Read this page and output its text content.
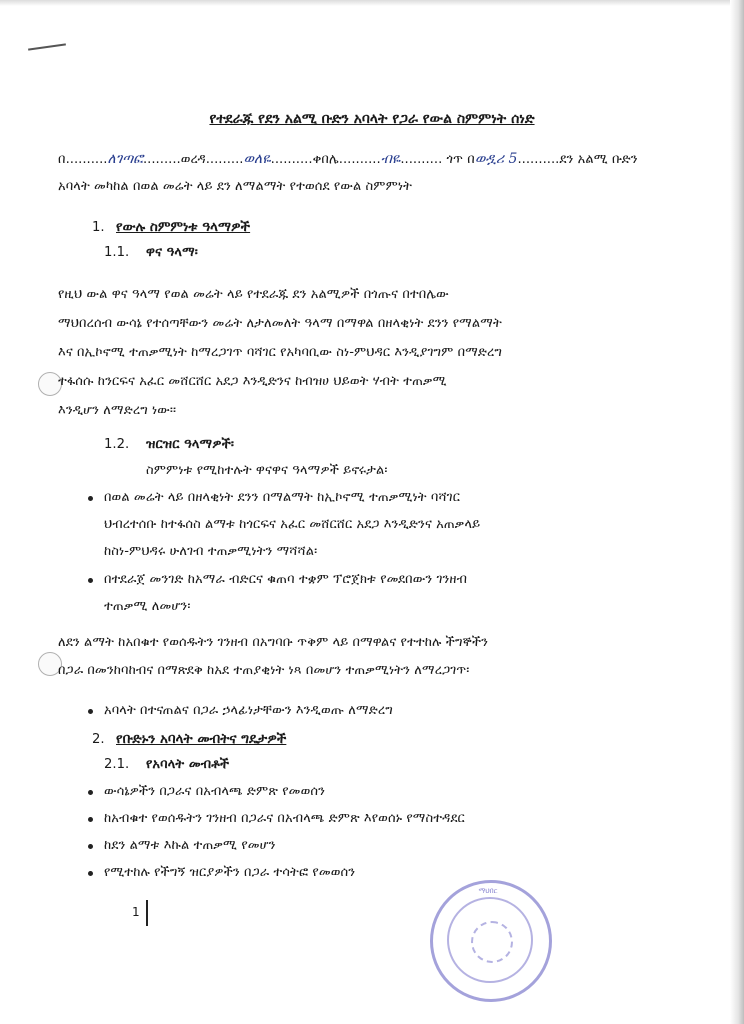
የተደራጁ የደን አልሚ ቡድን አባላት የጋራ የውል ስምምነት ሰነድ
በ..........ለገጣፎ.........ወረዳ.........ወለዬ..........ቀበሌ..........ብዬ.......... ጎጥ በወዷሪ 5..........ደን አልሚ ቡድን
አባላት መካከል በወል መሬት ላይ ደን ለማልማት የተወሰደ የውል ስምምነት
1. የውሉ ስምምነቱ ዓላማዎች
1.1. ዋና ዓላማ፡
የዚህ ውል ዋና ዓላማ የወል መሬት ላይ የተደራጁ ደን አልሚዎች በጎጡና በተበሌው
ማህበረሰብ ውሳኔ የተሰጣቸውን መሬት ለታለመለት ዓላማ በማዋል በዘላቂነት ደንን የማልማት
እና በኢኮኖሚ ተጠቃሚነት ከማረጋገጥ ባሻገር የአካባቢው ስነ-ምህዳር እንዲያገግም በማድረግ
ተፋሰሱ ከንርፍና አፈር መሸርሸር አደጋ እንዲድንና ከብዝሀ ህይወት ሃብት ተጠቃሚ
እንዲሆን ለማድረግ ነው፡፡
1.2. ዝርዝር ዓላማዎች፡
ስምምነቱ የሚከተሉት ዋናዋና ዓላማዎች ይኖሩታል፡
በወል መሬት ላይ በዘላቂነት ደንን በማልማት ከኢኮኖሚ ተጠቃሚነት ባሻገር
ህብረተሰቡ ከተፋሰስ ልማቱ ከጎርፍና አፈር መሸርሸር አደጋ እንዲድንና አጠቃላይ
ከስነ-ምህዳሩ ሁለገብ ተጠቃሚነትን ማሻሻል፡
በተደራጀ መንገድ ከአማራ ብድርና ቁጠባ ተቋም ፕሮጀክቱ የመደበውን ገንዘብ
ተጠቃሚ ለመሆን፡
ለደን ልማት ከአበቁተ የወሰዱትን ገንዘብ በአግባቡ ጥቅም ላይ በማዋልና የተተከሉ ችግኞችን
በጋራ በመንከባከብና በማጽደቅ ከአደ ተጠያቂነት ነጻ በመሆን ተጠቃሚነትን ለማረጋገጥ፡
አባላት በተናጠልና በጋራ ኃላፊነታቸውን እንዲወጡ ለማድረግ
2. የቡድኑን አባላት መብትና ግዴታዎች
2.1. የአባላት መብቶች
ውሳኔዎችን በጋራና በአብላጫ ድምጽ የመወሰን
ከአብቁተ የወሰዱትን ገንዘብ በጋራና በአብላጫ ድምጽ እየወሰኑ የማስተዳደር
ከደን ልማቱ እኩል ተጠቃሚ የመሆን
የሚተከሉ የችግኝ ዝርያዎችን በጋራ ተሳትፎ የመወሰን
1
ማህበር
